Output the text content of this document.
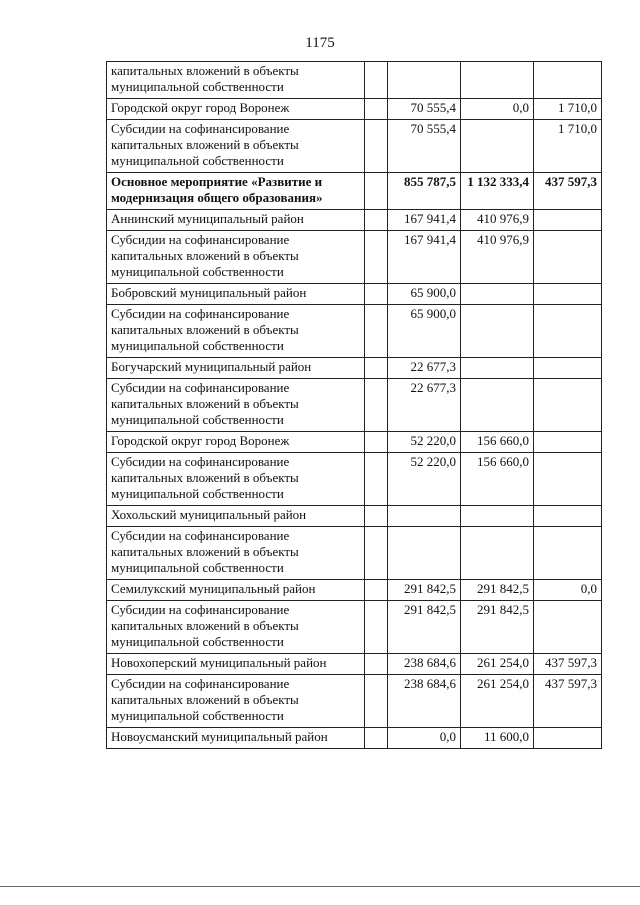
1175
капитальных вложений в объекты муниципальной собственности				
Городской округ город Воронеж		70 555,4	0,0	1 710,0
Субсидии на софинансирование капитальных вложений в объекты муниципальной собственности		70 555,4		1 710,0
Основное мероприятие «Развитие и модернизация общего образования»		855 787,5	1 132 333,4	437 597,3
Аннинский муниципальный район		167 941,4	410 976,9	
Субсидии на софинансирование капитальных вложений в объекты муниципальной собственности		167 941,4	410 976,9	
Бобровский муниципальный район		65 900,0		
Субсидии на софинансирование капитальных вложений в объекты муниципальной собственности		65 900,0		
Богучарский муниципальный район		22 677,3		
Субсидии на софинансирование капитальных вложений в объекты муниципальной собственности		22 677,3		
Городской округ город Воронеж		52 220,0	156 660,0	
Субсидии на софинансирование капитальных вложений в объекты муниципальной собственности		52 220,0	156 660,0	
Хохольский муниципальный район				
Субсидии на софинансирование капитальных вложений в объекты муниципальной собственности				
Семилукский муниципальный район		291 842,5	291 842,5	0,0
Субсидии на софинансирование капитальных вложений в объекты муниципальной собственности		291 842,5	291 842,5	
Новохоперский муниципальный район		238 684,6	261 254,0	437 597,3
Субсидии на софинансирование капитальных вложений в объекты муниципальной собственности		238 684,6	261 254,0	437 597,3
Новоусманский муниципальный район		0,0	11 600,0	
